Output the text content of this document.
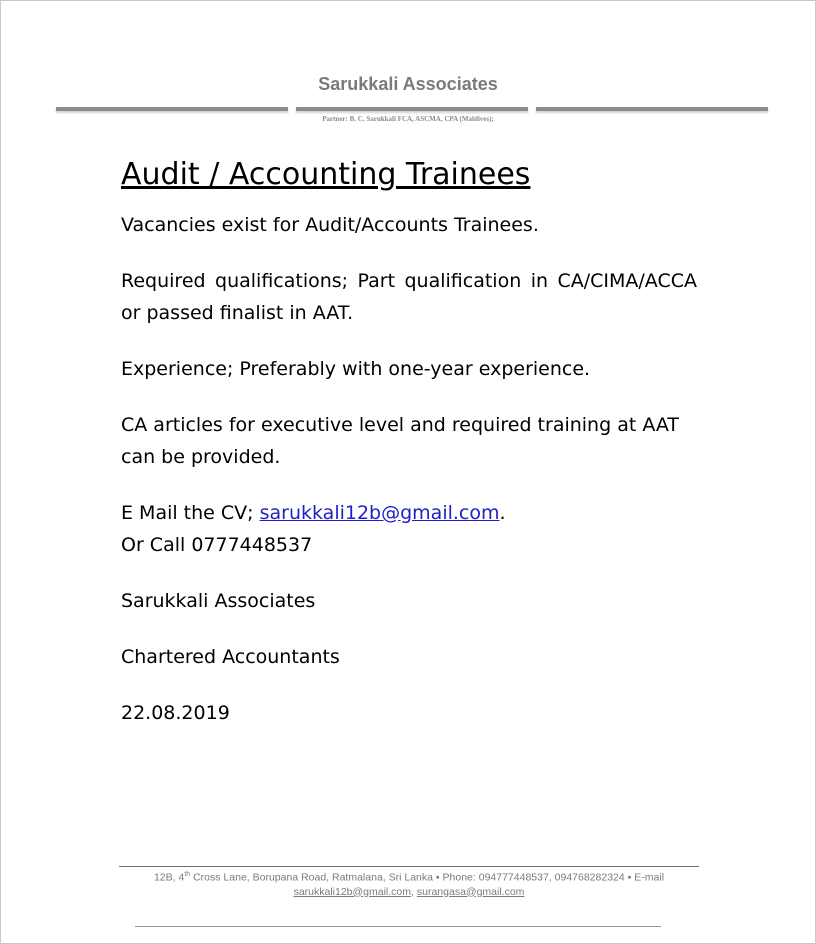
Sarukkali Associates
Partner: B. C. Sarukkali FCA, ASCMA, CPA (Maldives);
Audit / Accounting Trainees

Vacancies exist for Audit/Accounts Trainees.

Required qualifications; Part qualification in CA/CIMA/ACCA or passed finalist in AAT.

Experience; Preferably with one-year experience.

CA articles for executive level and required training at AAT can be provided.

E Mail the CV; sarukkali12b@gmail.com.
Or Call 0777448537

Sarukkali Associates

Chartered Accountants

22.08.2019

12B, 4th Cross Lane, Borupana Road, Ratmalana, Sri Lanka ▪ Phone: 094777448537, 094768282324 ▪ E-mail
sarukkali12b@gmail.com, surangasa@gmail.com
